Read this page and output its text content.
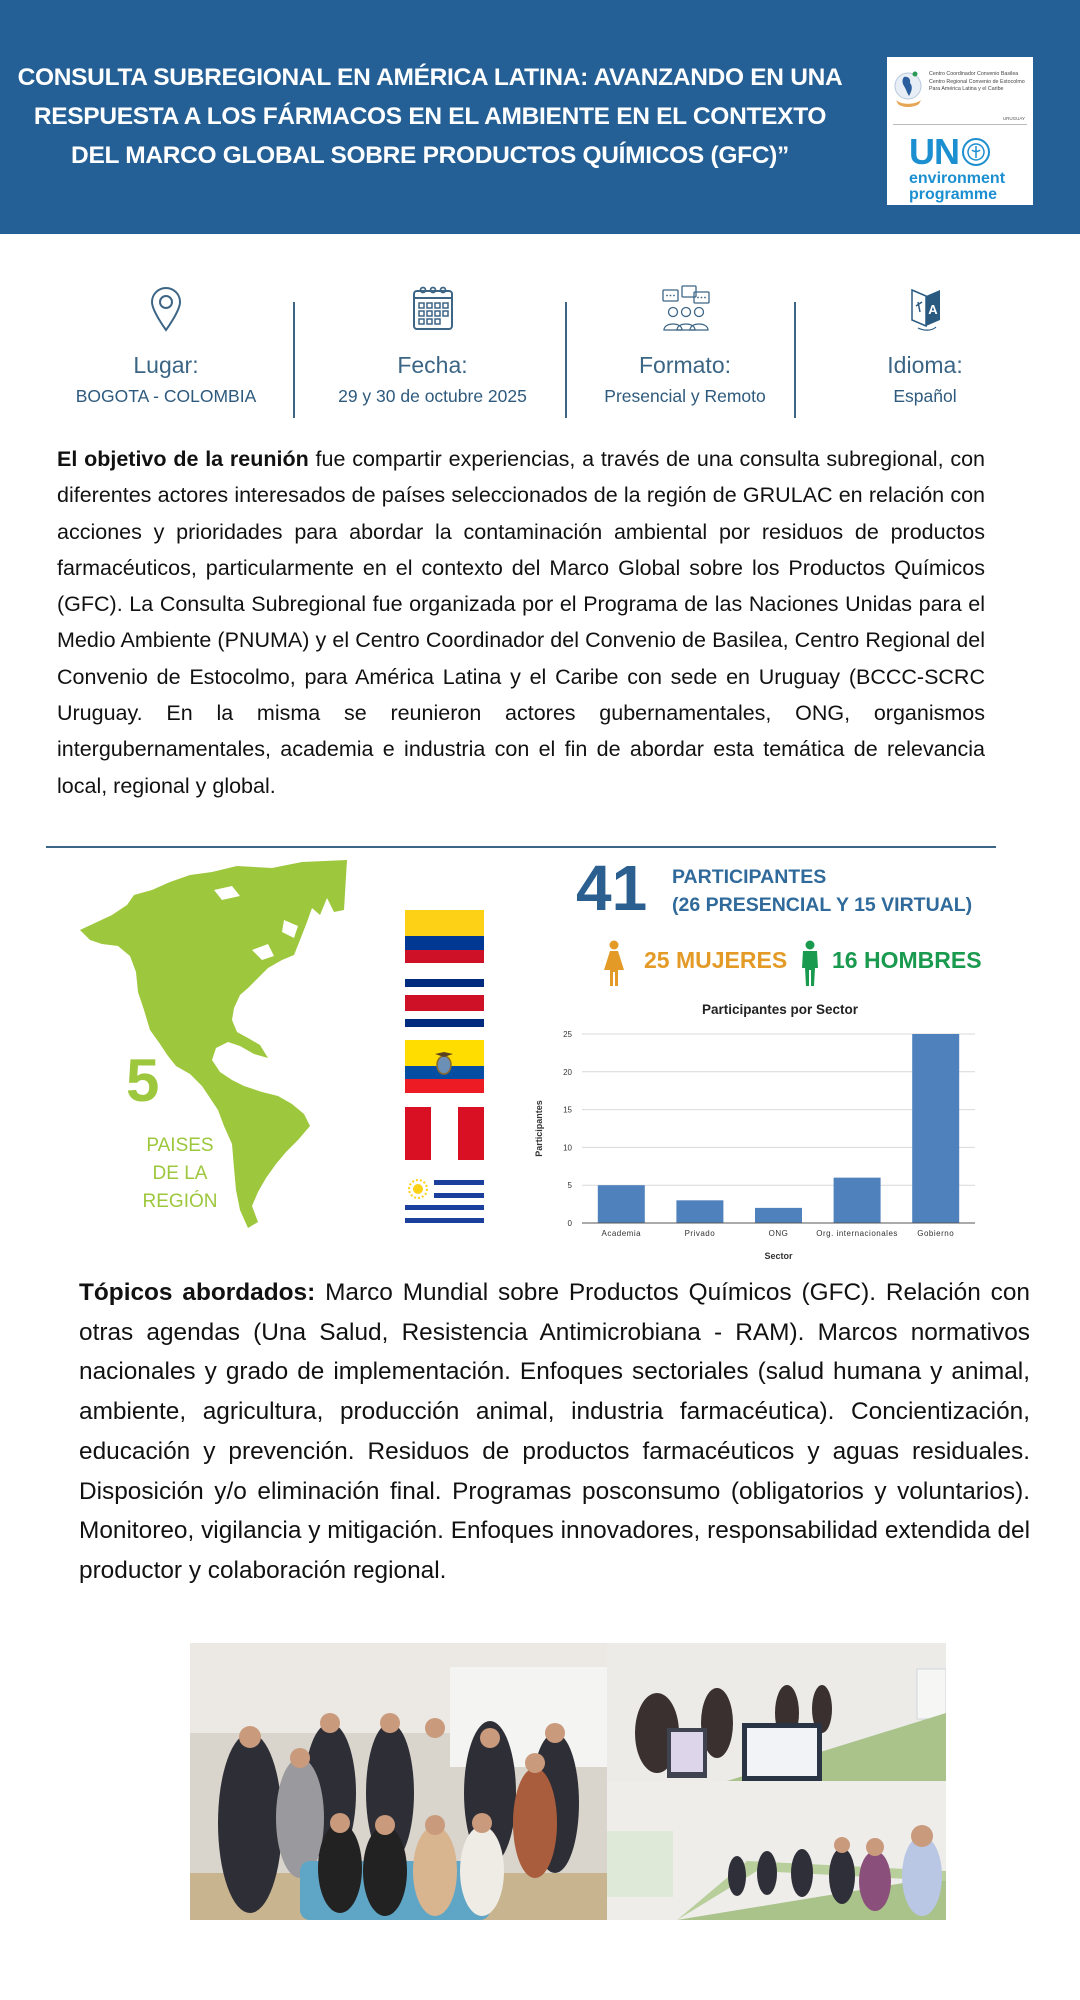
CONSULTA SUBREGIONAL EN AMÉRICA LATINA: AVANZANDO EN UNA
RESPUESTA A LOS FÁRMACOS EN EL AMBIENTE EN EL CONTEXTO
DEL MARCO GLOBAL SOBRE PRODUCTOS QUÍMICOS (GFC)”
Centro Coordinador Convenio Basilea
Centro Regional Convenio de Estocolmo
Para América Latina y el Caribe
URUGUAY
UN
environment
programme
Lugar:
BOGOTA - COLOMBIA
Fecha:
29 y 30 de octubre 2025
Formato:
Presencial y Remoto
A
Idioma:
Español

El objetivo de la reunión fue compartir experiencias, a través de una consulta subregional, con diferentes actores interesados de países seleccionados de la región de GRULAC en relación con acciones y prioridades para abordar la contaminación ambiental por residuos de productos farmacéuticos, particularmente en el contexto del Marco Global sobre los Productos Químicos (GFC). La Consulta Subregional fue organizada por el Programa de las Naciones Unidas para el Medio Ambiente (PNUMA) y el Centro Coordinador del Convenio de Basilea, Centro Regional del Convenio de Estocolmo, para América Latina y el Caribe con sede en Uruguay (BCCC-SCRC Uruguay. En la misma se reunieron actores gubernamentales, ONG, organismos intergubernamentales, academia e industria con el fin de abordar esta temática de relevancia local, regional y global.

5
PAISES
DE LA
REGIÓN
41 PARTICIPANTES
(26 PRESENCIAL Y 15 VIRTUAL)
25 MUJERES 16 HOMBRES
Participantes por Sector
0
5
10
15
20
25
Academia	Privado	ONG	Org. internacionales Gobierno
Sector
Participantes

Tópicos abordados: Marco Mundial sobre Productos Químicos (GFC). Relación con otras agendas (Una Salud, Resistencia Antimicrobiana - RAM). Marcos normativos nacionales y grado de implementación. Enfoques sectoriales (salud humana y animal, ambiente, agricultura, producción animal, industria farmacéutica). Concientización, educación y prevención. Residuos de productos farmacéuticos y aguas residuales. Disposición y/o eliminación final. Programas posconsumo (obligatorios y voluntarios). Monitoreo, vigilancia y mitigación. Enfoques innovadores, responsabilidad extendida del productor y colaboración regional.
